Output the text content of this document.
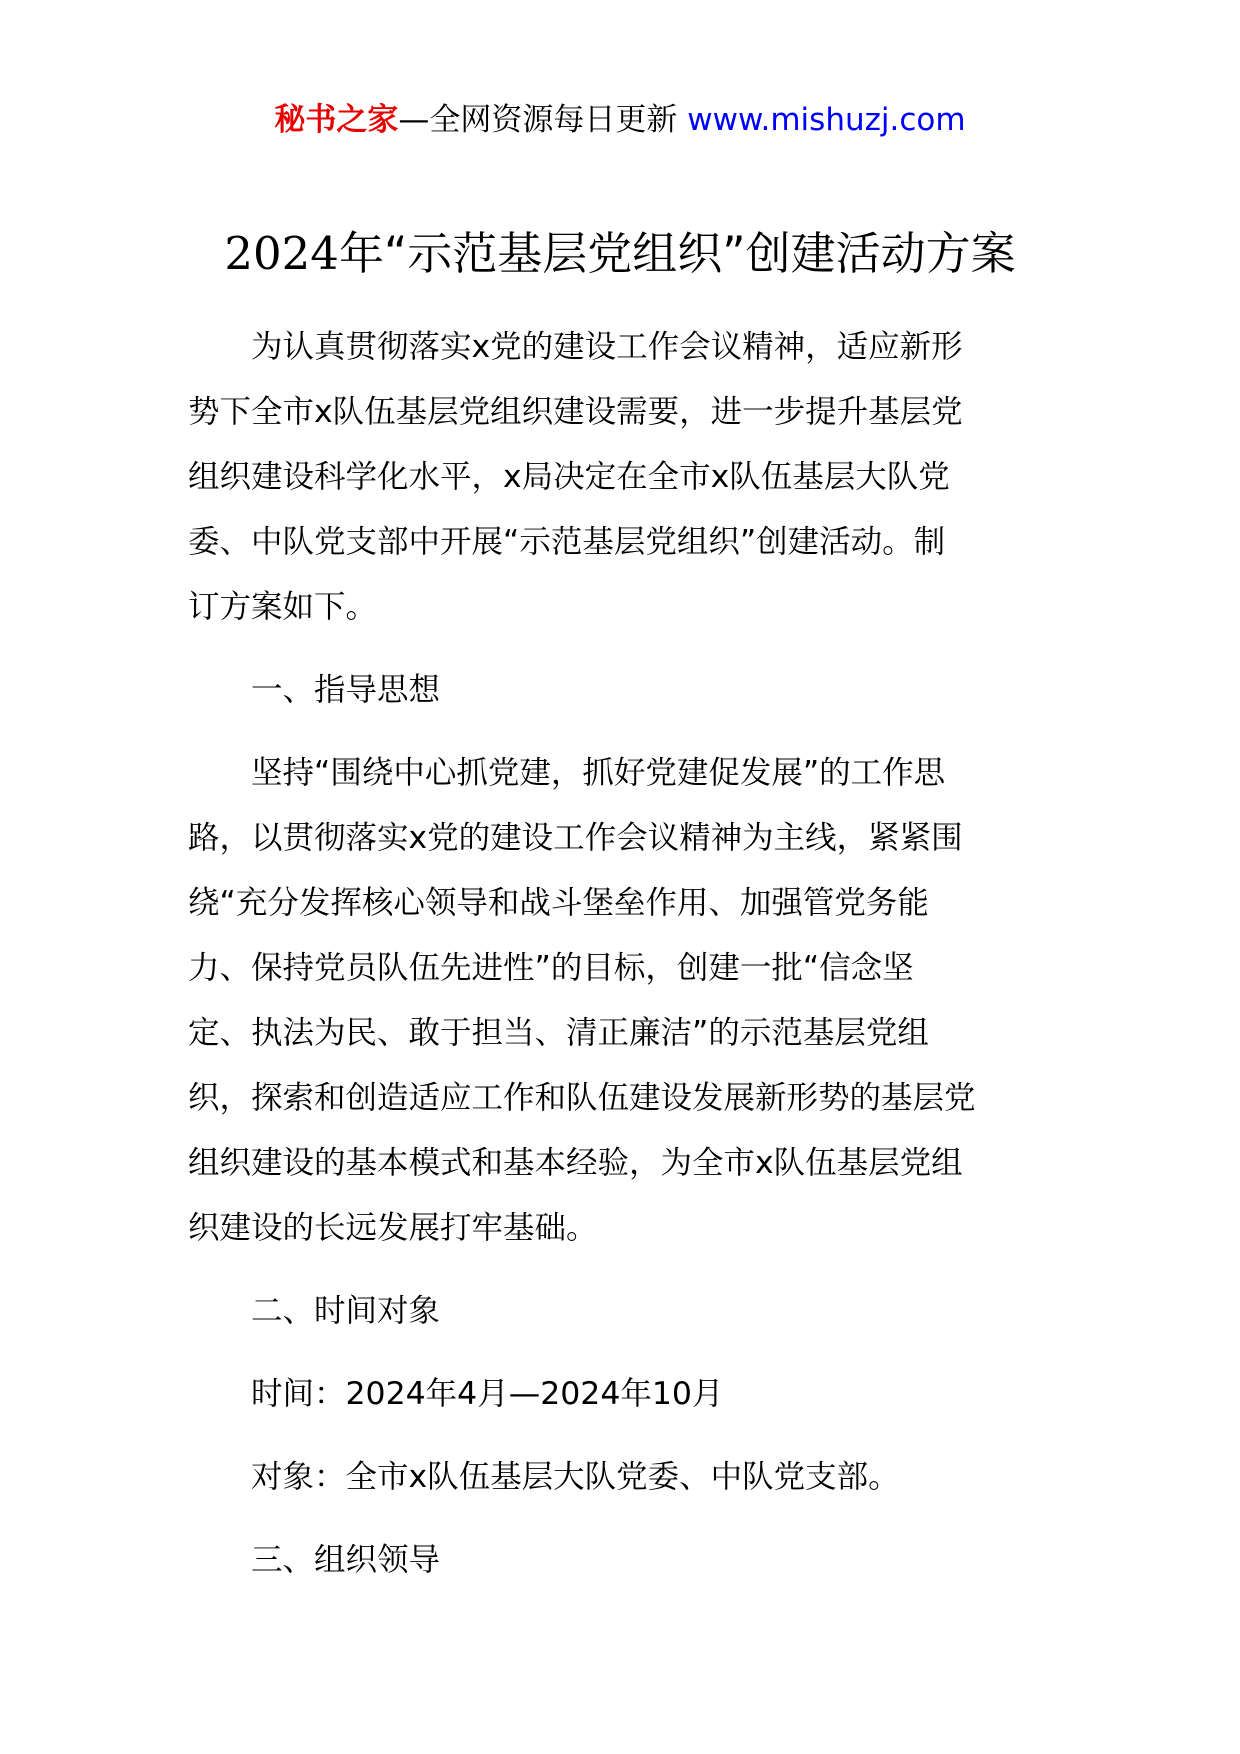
秘书之家—全网资源每日更新 www.mishuzj.com
2024年“示范基层党组织”创建活动方案
为认真贯彻落实x党的建设工作会议精神，适应新形
势下全市x队伍基层党组织建设需要，进一步提升基层党
组织建设科学化水平，x局决定在全市x队伍基层大队党
委、中队党支部中开展“示范基层党组织”创建活动。制
订方案如下。

一、指导思想

坚持“围绕中心抓党建，抓好党建促发展”的工作思
路，以贯彻落实x党的建设工作会议精神为主线，紧紧围
绕“充分发挥核心领导和战斗堡垒作用、加强管党务能
力、保持党员队伍先进性”的目标，创建一批“信念坚
定、执法为民、敢于担当、清正廉洁”的示范基层党组
织，探索和创造适应工作和队伍建设发展新形势的基层党
组织建设的基本模式和基本经验，为全市x队伍基层党组
织建设的长远发展打牢基础。

二、时间对象

时间：2024年4月—2024年10月

对象：全市x队伍基层大队党委、中队党支部。

三、组织领导
